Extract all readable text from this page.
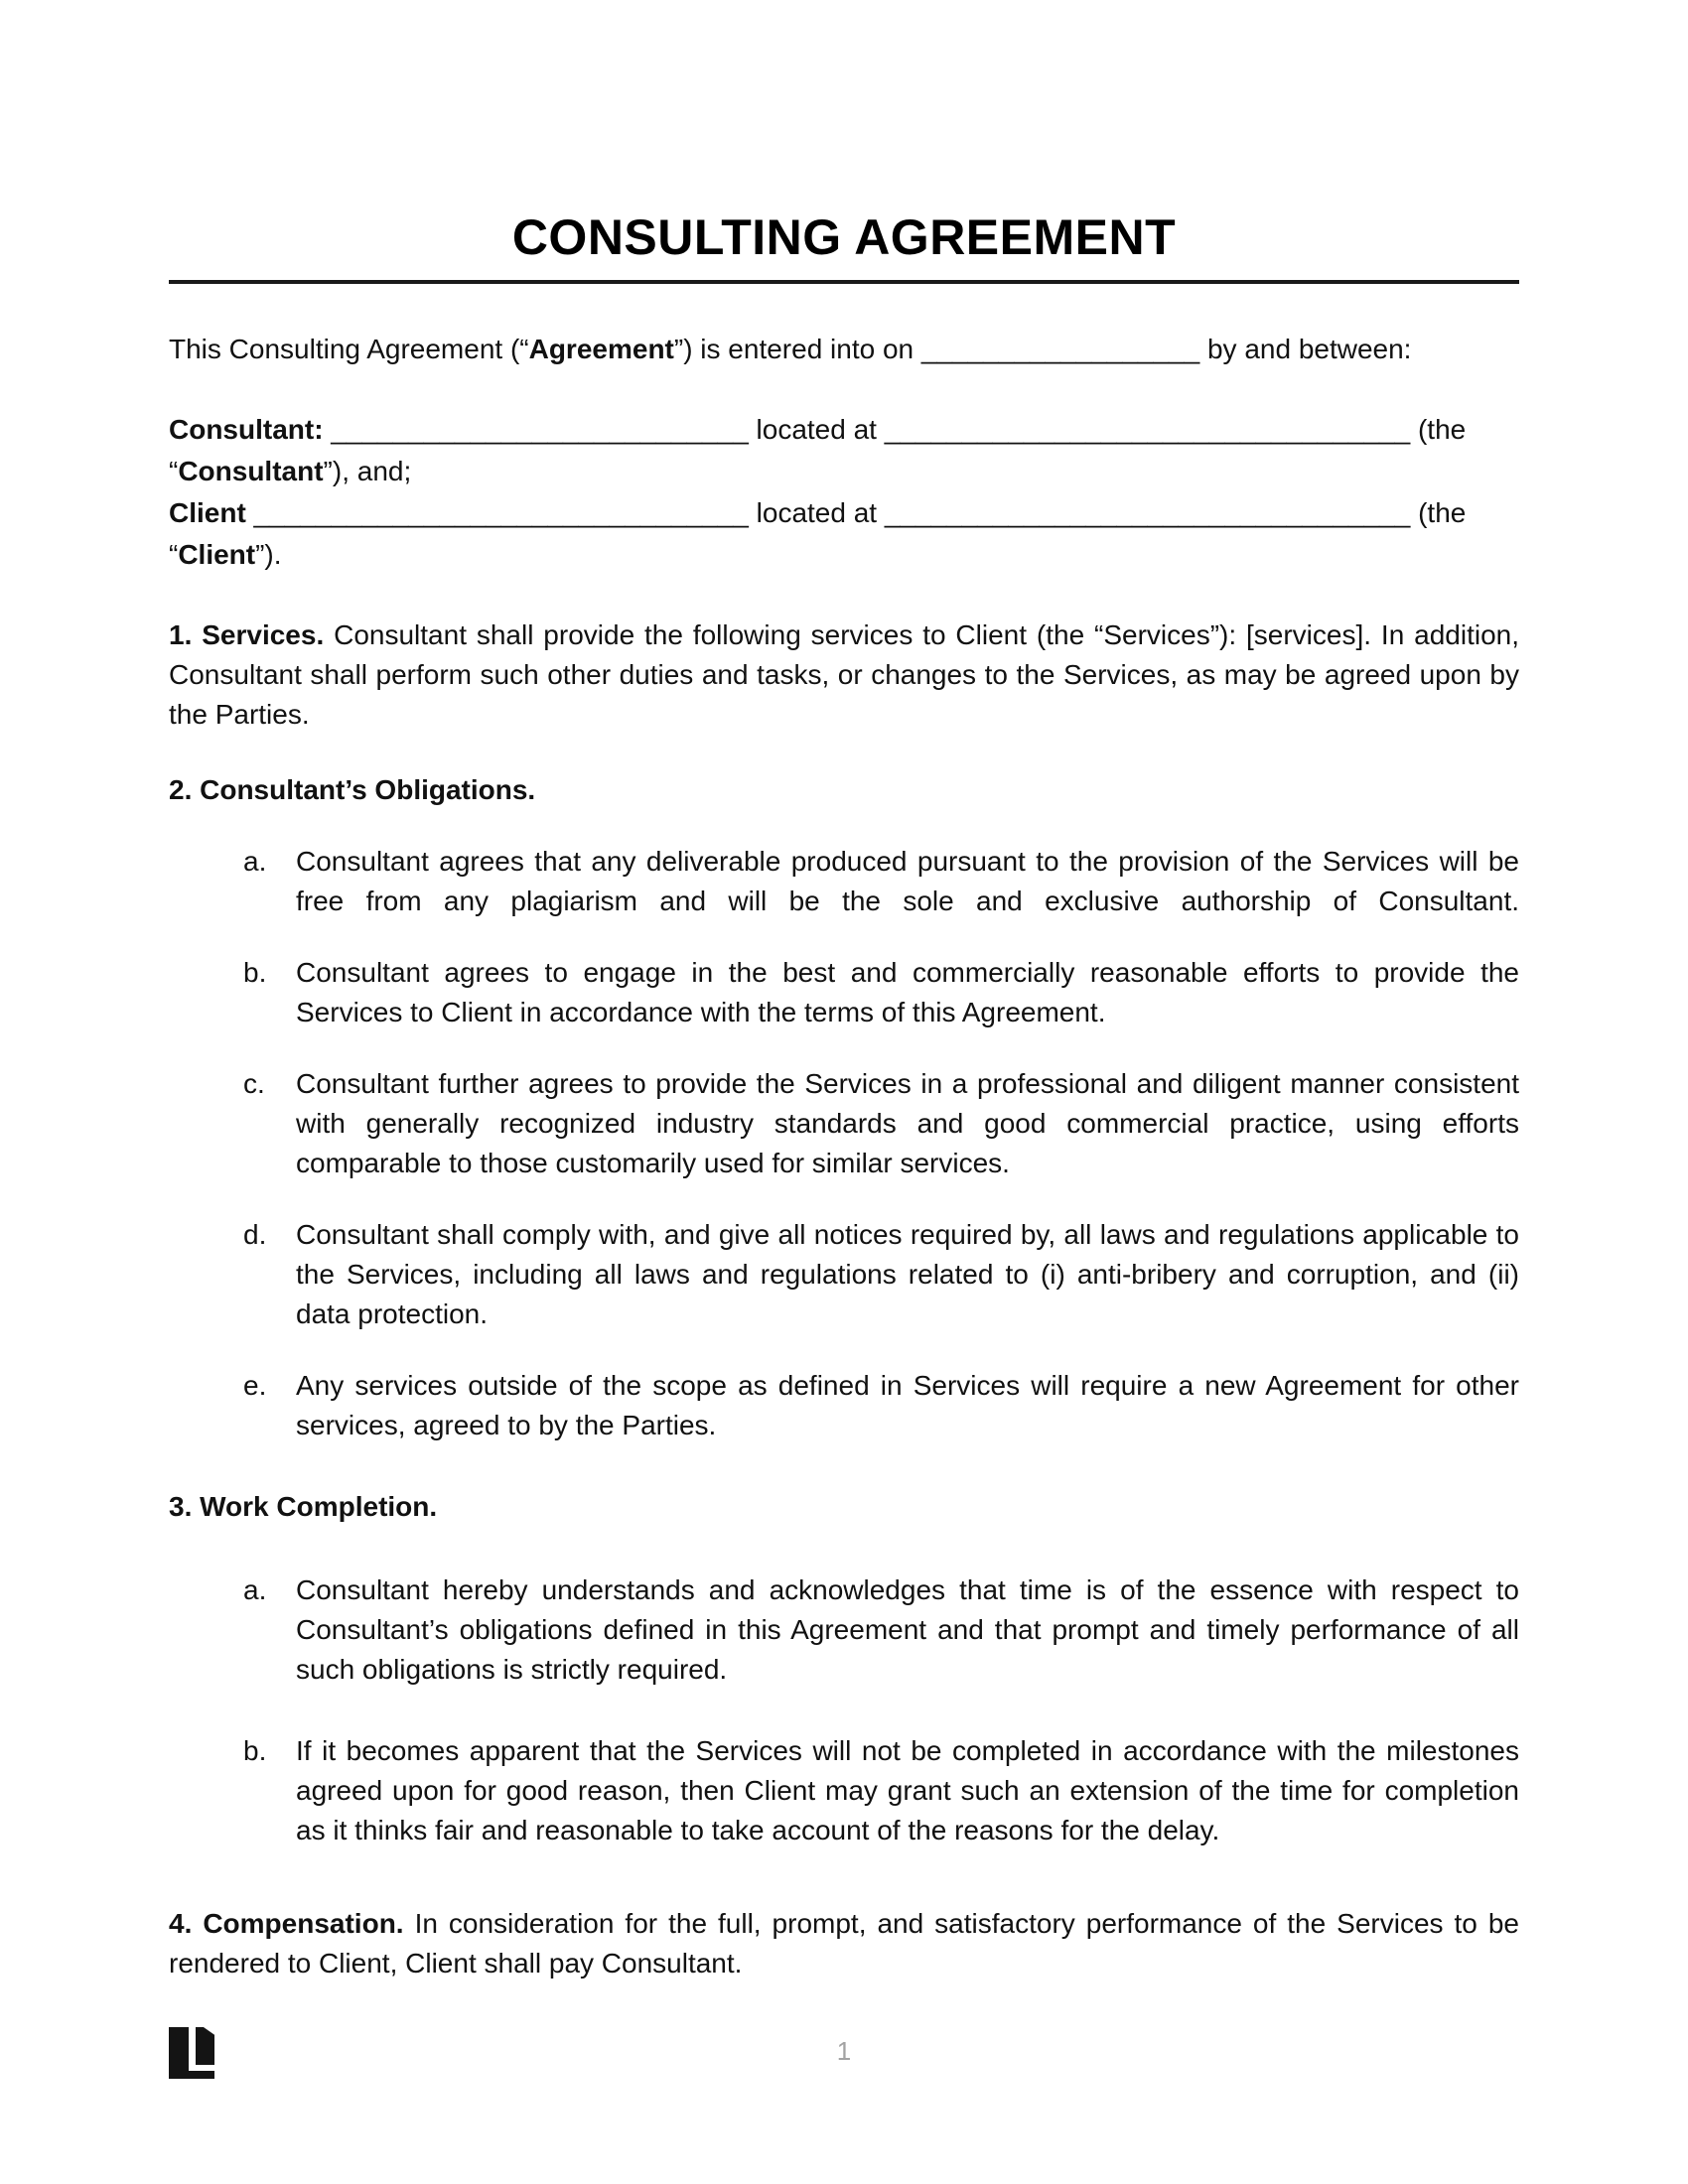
CONSULTING AGREEMENT

This Consulting Agreement (“Agreement”) is entered into on __________________ by and between:

Consultant: ___________________________ located at __________________________________ (the
“Consultant”), and;
Client ________________________________ located at __________________________________ (the
“Client”).

1. Services. Consultant shall provide the following services to Client (the “Services”): [services]. In addition, Consultant shall perform such other duties and tasks, or changes to the Services, as may be agreed upon by the Parties.

2. Consultant’s Obligations.
a. Consultant agrees that any deliverable produced pursuant to the provision of the Services will be free from any plagiarism and will be the sole and exclusive authorship of Consultant.
b. Consultant agrees to engage in the best and commercially reasonable efforts to provide the Services to Client in accordance with the terms of this Agreement.
c. Consultant further agrees to provide the Services in a professional and diligent manner consistent with generally recognized industry standards and good commercial practice, using efforts comparable to those customarily used for similar services.
d. Consultant shall comply with, and give all notices required by, all laws and regulations applicable to the Services, including all laws and regulations related to (i) anti-bribery and corruption, and (ii) data protection.
e. Any services outside of the scope as defined in Services will require a new Agreement for other services, agreed to by the Parties.
3. Work Completion.
a. Consultant hereby understands and acknowledges that time is of the essence with respect to Consultant’s obligations defined in this Agreement and that prompt and timely performance of all such obligations is strictly required.
b. If it becomes apparent that the Services will not be completed in accordance with the milestones agreed upon for good reason, then Client may grant such an extension of the time for completion as it thinks fair and reasonable to take account of the reasons for the delay.

4. Compensation. In consideration for the full, prompt, and satisfactory performance of the Services to be rendered to Client, Client shall pay Consultant.

1
